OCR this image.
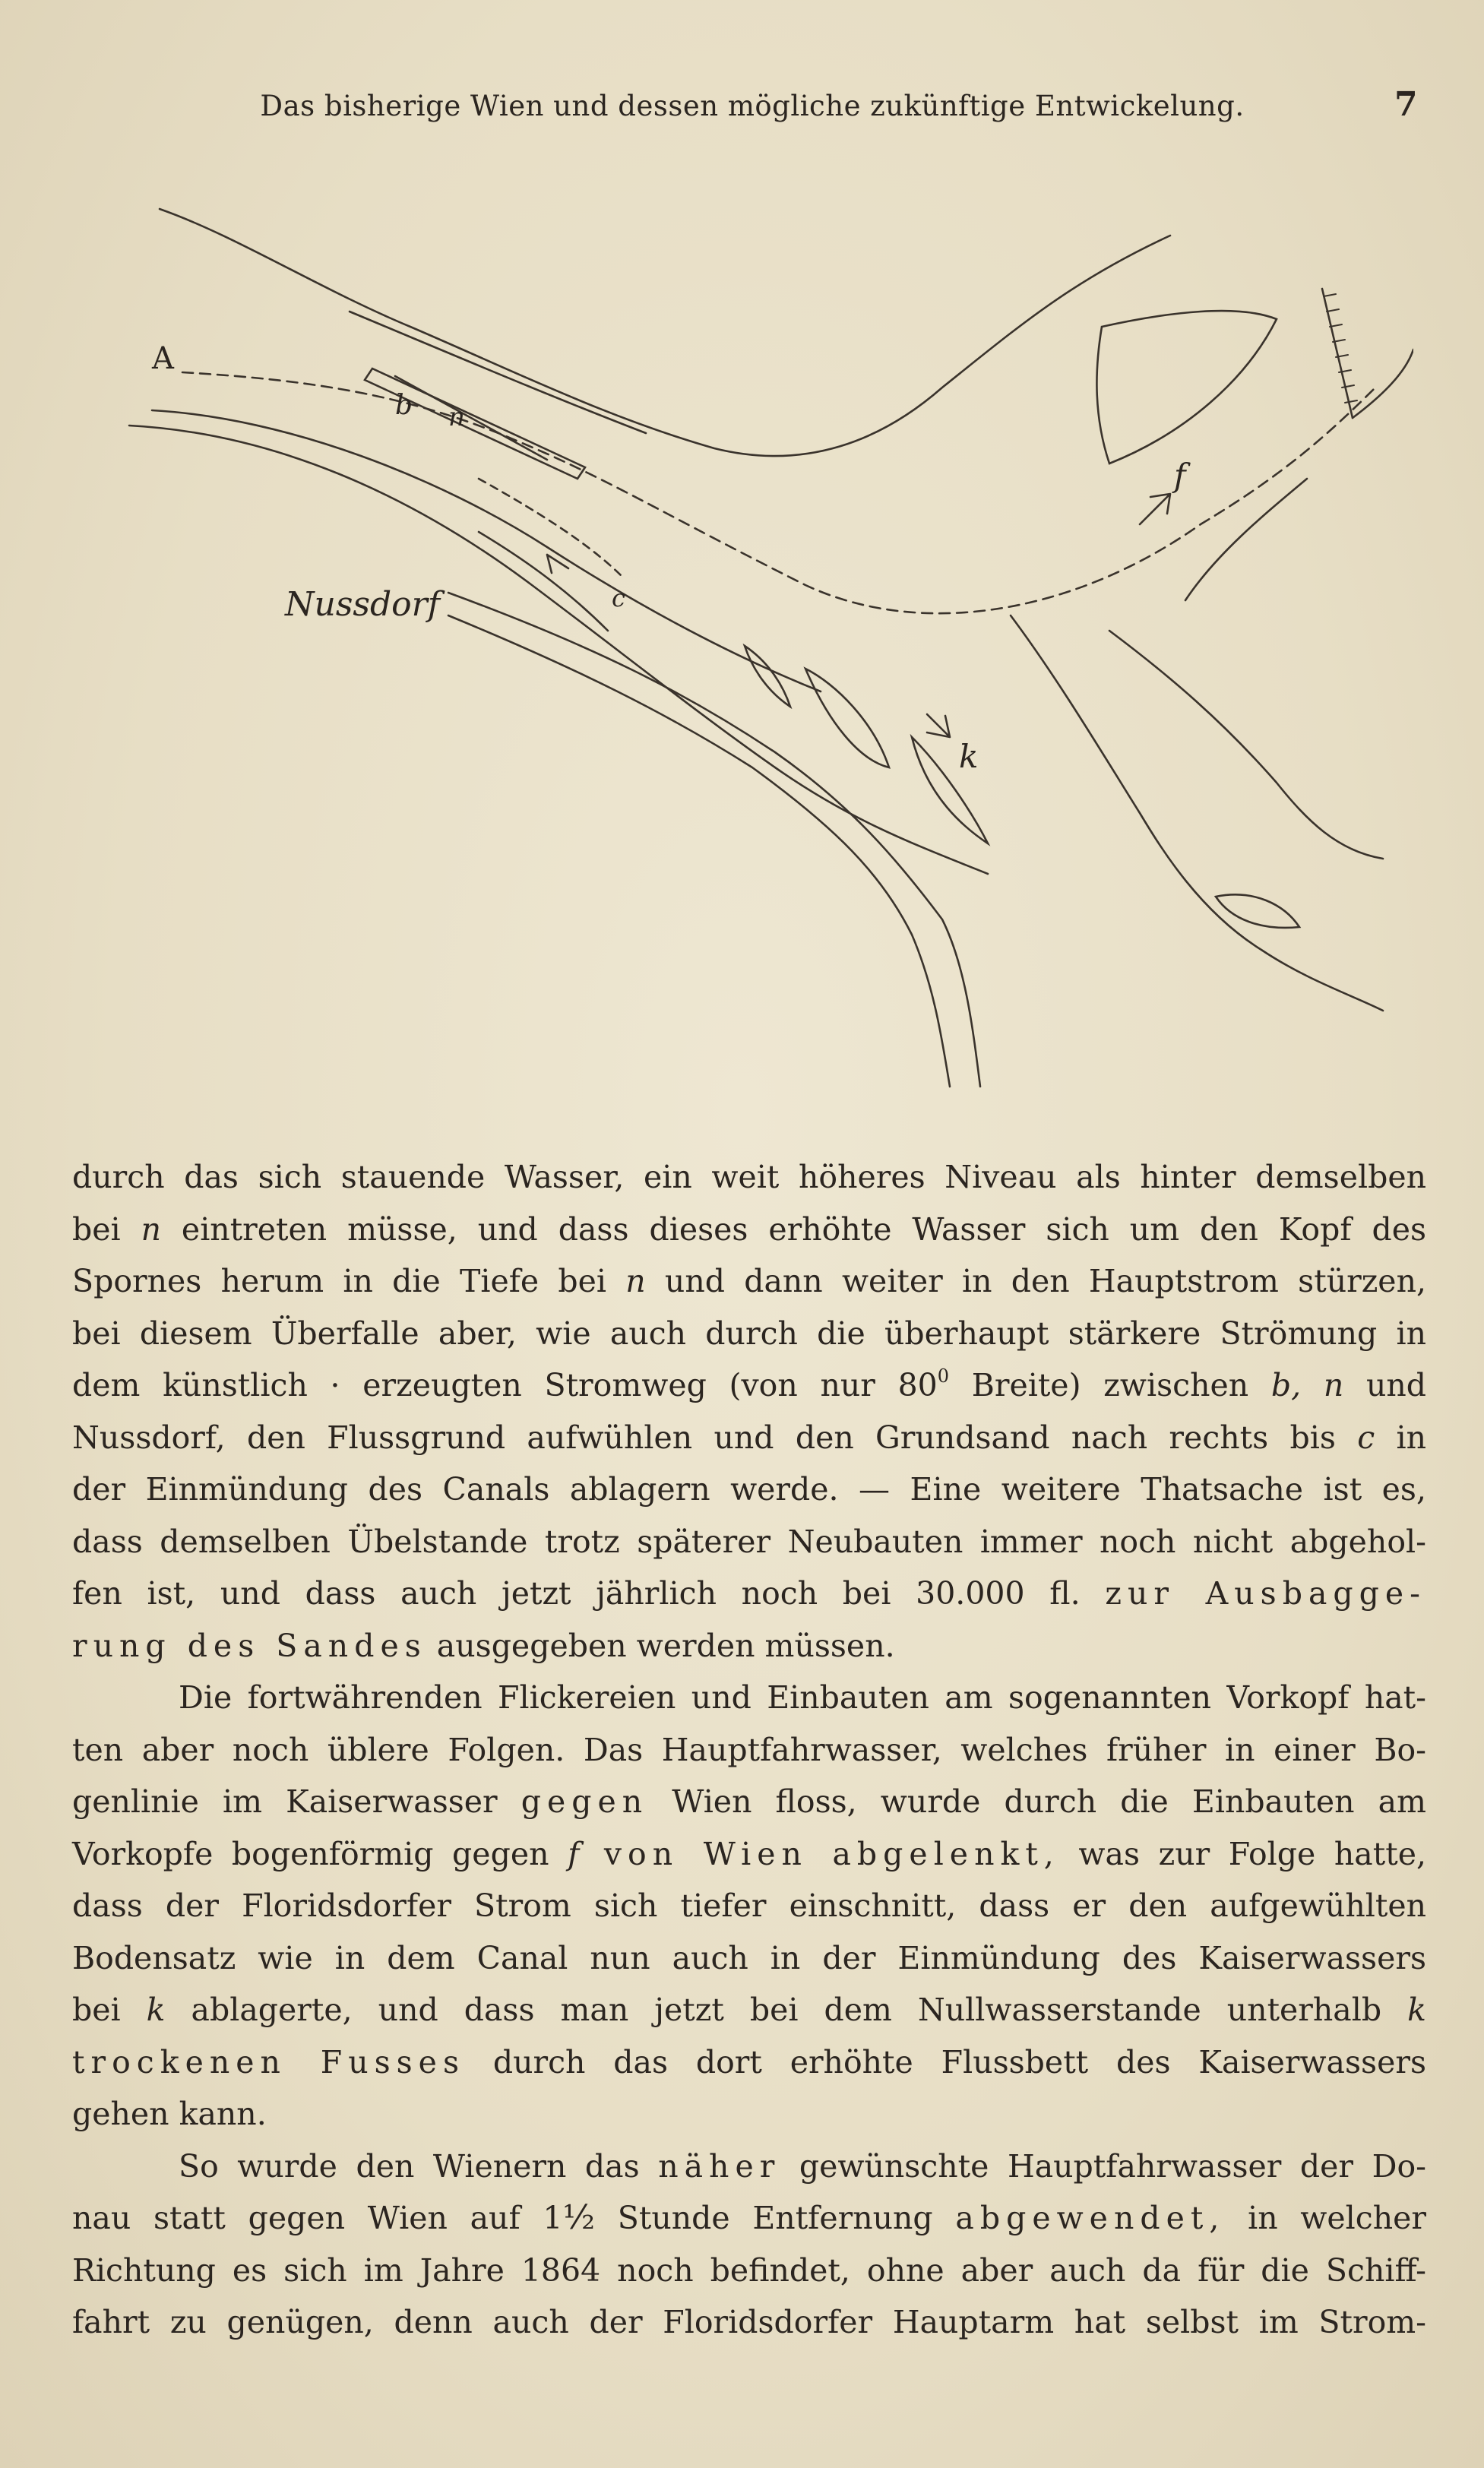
Das bisherige Wien und dessen mögliche zukünftige Entwickelung.	7
A
b n
Nussdorf	c
k
f

durch das sich stauende Wasser, ein weit höheres Niveau als hinter demselben

bei n eintreten müsse, und dass dieses erhöhte Wasser sich um den Kopf des

Spornes herum in die Tiefe bei n und dann weiter in den Hauptstrom stürzen,

bei diesem Überfalle aber, wie auch durch die überhaupt stärkere Strömung in

dem künstlich · erzeugten Stromweg (von nur $80^0$ Breite) zwischen b, n und

Nussdorf, den Flussgrund aufwühlen und den Grundsand nach rechts bis c in

der Einmündung des Canals ablagern werde. — Eine weitere Thatsache ist es,

dass demselben Übelstande trotz späterer Neubauten immer noch nicht abgehol-

fen ist, und dass auch jetzt jährlich noch bei 30.000 fl. zur Ausbagge-

rung des Sandes ausgegeben werden müssen.

Die fortwährenden Flickereien und Einbauten am sogenannten Vorkopf hat-

ten aber noch üblere Folgen. Das Hauptfahrwasser, welches früher in einer Bo-

genlinie im Kaiserwasser gegen Wien floss, wurde durch die Einbauten am

Vorkopfe bogenförmig gegen f von Wien abgelenkt, was zur Folge hatte,

dass der Floridsdorfer Strom sich tiefer einschnitt, dass er den aufgewühlten

Bodensatz wie in dem Canal nun auch in der Einmündung des Kaiserwassers

bei k ablagerte, und dass man jetzt bei dem Nullwasserstande unterhalb k

trockenen Fusses durch das dort erhöhte Flussbett des Kaiserwassers

gehen kann.

So wurde den Wienern das näher gewünschte Hauptfahrwasser der Do-

nau statt gegen Wien auf 1½ Stunde Entfernung abgewendet, in welcher

Richtung es sich im Jahre 1864 noch befindet, ohne aber auch da für die Schiff-

fahrt zu genügen, denn auch der Floridsdorfer Hauptarm hat selbst im Strom-
